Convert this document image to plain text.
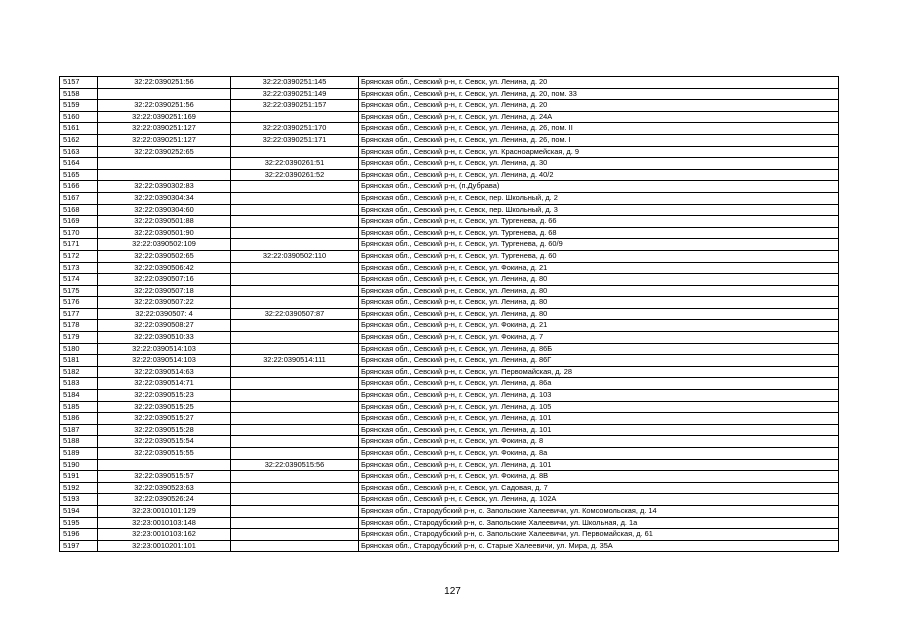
5157	32:22:0390251:56	32:22:0390251:145	Брянская обл., Севский р-н, г. Севск, ул. Ленина, д. 20
5158		32:22:0390251:149	Брянская обл., Севский р-н, г. Севск, ул. Ленина, д. 20, пом. 33
5159	32:22:0390251:56	32:22:0390251:157	Брянская обл., Севский р-н, г. Севск, ул. Ленина, д. 20
5160	32:22:0390251:169		Брянская обл., Севский р-н, г. Севск, ул. Ленина, д. 24А
5161	32:22:0390251:127	32:22:0390251:170	Брянская обл., Севский р-н, г. Севск, ул. Ленина, д. 26, пом. II
5162	32:22:0390251:127	32:22:0390251:171	Брянская обл., Севский р-н, г. Севск, ул. Ленина, д. 26, пом. I
5163	32:22:0390252:65		Брянская обл., Севский р-н, г. Севск, ул. Красноармейская, д. 9
5164		32:22:0390261:51	Брянская обл., Севский р-н, г. Севск, ул. Ленина, д. 30
5165		32:22:0390261:52	Брянская обл., Севский р-н, г. Севск, ул. Ленина, д. 40/2
5166	32:22:0390302:83		Брянская обл., Севский р-н, (п.Дубрава)
5167	32:22:0390304:34		Брянская обл., Севский р-н, г. Севск, пер. Школьный, д. 2
5168	32:22:0390304:60		Брянская обл., Севский р-н, г. Севск, пер. Школьный, д. 3
5169	32:22:0390501:88		Брянская обл., Севский р-н, г. Севск, ул. Тургенева, д. 66
5170	32:22:0390501:90		Брянская обл., Севский р-н, г. Севск, ул. Тургенева, д. 68
5171	32:22:0390502:109		Брянская обл., Севский р-н, г. Севск, ул. Тургенева, д. 60/9
5172	32:22:0390502:65	32:22:0390502:110	Брянская обл., Севский р-н, г. Севск, ул. Тургенева, д. 60
5173	32:22:0390506:42		Брянская обл., Севский р-н, г. Севск, ул. Фокина, д. 21
5174	32:22:0390507:16		Брянская обл., Севский р-н, г. Севск, ул. Ленина, д. 80
5175	32:22:0390507:18		Брянская обл., Севский р-н, г. Севск, ул. Ленина, д. 80
5176	32:22:0390507:22		Брянская обл., Севский р-н, г. Севск, ул. Ленина, д. 80
5177	32:22:0390507: 4	32:22:0390507:87	Брянская обл., Севский р-н, г. Севск, ул. Ленина, д. 80
5178	32:22:0390508:27		Брянская обл., Севский р-н, г. Севск, ул. Фокина, д. 21
5179	32:22:0390510:33		Брянская обл., Севский р-н, г. Севск, ул. Фокина, д. 7
5180	32:22:0390514:103		Брянская обл., Севский р-н, г. Севск, ул. Ленина, д. 86Б
5181	32:22:0390514:103	32:22:0390514:111	Брянская обл., Севский р-н, г. Севск, ул. Ленина, д. 86Г
5182	32:22:0390514:63		Брянская обл., Севский р-н, г. Севск, ул. Первомайская, д. 28
5183	32:22:0390514:71		Брянская обл., Севский р-н, г. Севск, ул. Ленина, д. 86а
5184	32:22:0390515:23		Брянская обл., Севский р-н, г. Севск, ул. Ленина, д. 103
5185	32:22:0390515:25		Брянская обл., Севский р-н, г. Севск, ул. Ленина, д. 105
5186	32:22:0390515:27		Брянская обл., Севский р-н, г. Севск, ул. Ленина, д. 101
5187	32:22:0390515:28		Брянская обл., Севский р-н, г. Севск, ул. Ленина, д. 101
5188	32:22:0390515:54		Брянская обл., Севский р-н, г. Севск, ул. Фокина, д. 8
5189	32:22:0390515:55		Брянская обл., Севский р-н, г. Севск, ул. Фокина, д. 8а
5190		32:22:0390515:56	Брянская обл., Севский р-н, г. Севск, ул. Ленина, д. 101
5191	32:22:0390515:57		Брянская обл., Севский р-н, г. Севск, ул. Фокина, д. 8В
5192	32:22:0390523:63		Брянская обл., Севский р-н, г. Севск, ул. Садовая, д. 7
5193	32:22:0390526:24		Брянская обл., Севский р-н, г. Севск, ул. Ленина, д. 102А
5194	32:23:0010101:129		Брянская обл., Стародубский р-н, с. Запольские Халеевичи, ул. Комсомольская, д. 14
5195	32:23:0010103:148		Брянская обл., Стародубский р-н, с. Запольские Халеевичи, ул. Школьная, д. 1а
5196	32:23:0010103:162		Брянская обл., Стародубский р-н, с. Запольские Халеевичи, ул. Первомайская, д. 61
5197	32:23:0010201:101		Брянская обл., Стародубский р-н, с. Старые Халеевичи, ул. Мира, д. 35А
127
